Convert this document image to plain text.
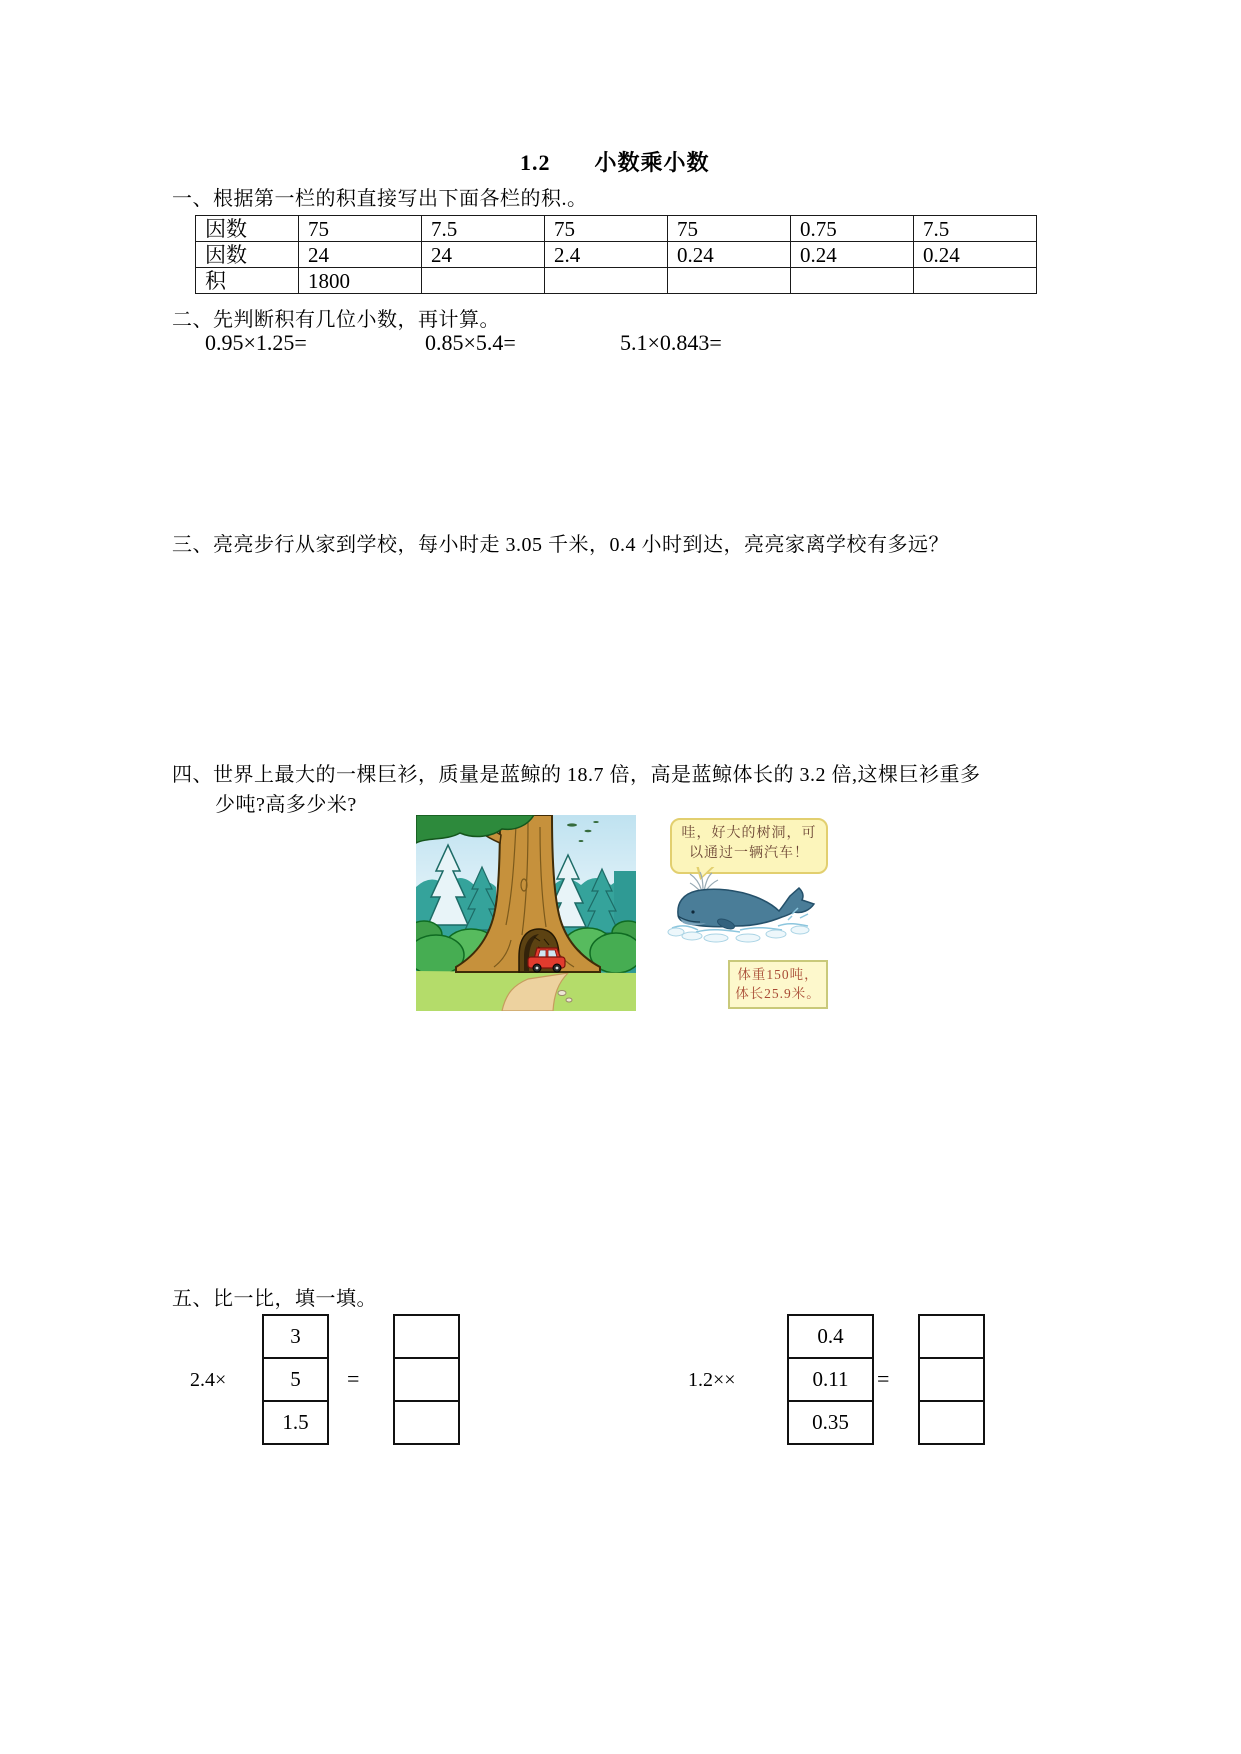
1.2 小数乘小数
一、根据第一栏的积直接写出下面各栏的积.。
因数	75	7.5	75	75	0.75	7.5
因数	24	24	2.4	0.24	0.24	0.24
积	1800					
二、先判断积有几位小数，再计算。
0.95×1.25=	0.85×5.4=	5.1×0.843=
三、亮亮步行从家到学校，每小时走 3.05 千米，0.4 小时到达，亮亮家离学校有多远？
四、世界上最大的一棵巨衫，质量是蓝鲸的 18.7 倍，高是蓝鲸体长的 3.2 倍,这棵巨衫重多
少吨?高多少米?
哇，好大的树洞，可
以通过一辆汽车！
体重150吨，
体长25.9米。
五、比一比，填一填。
2.4×
3
5
1.5
=	1.2××
0.4
0.11
0.35
=
